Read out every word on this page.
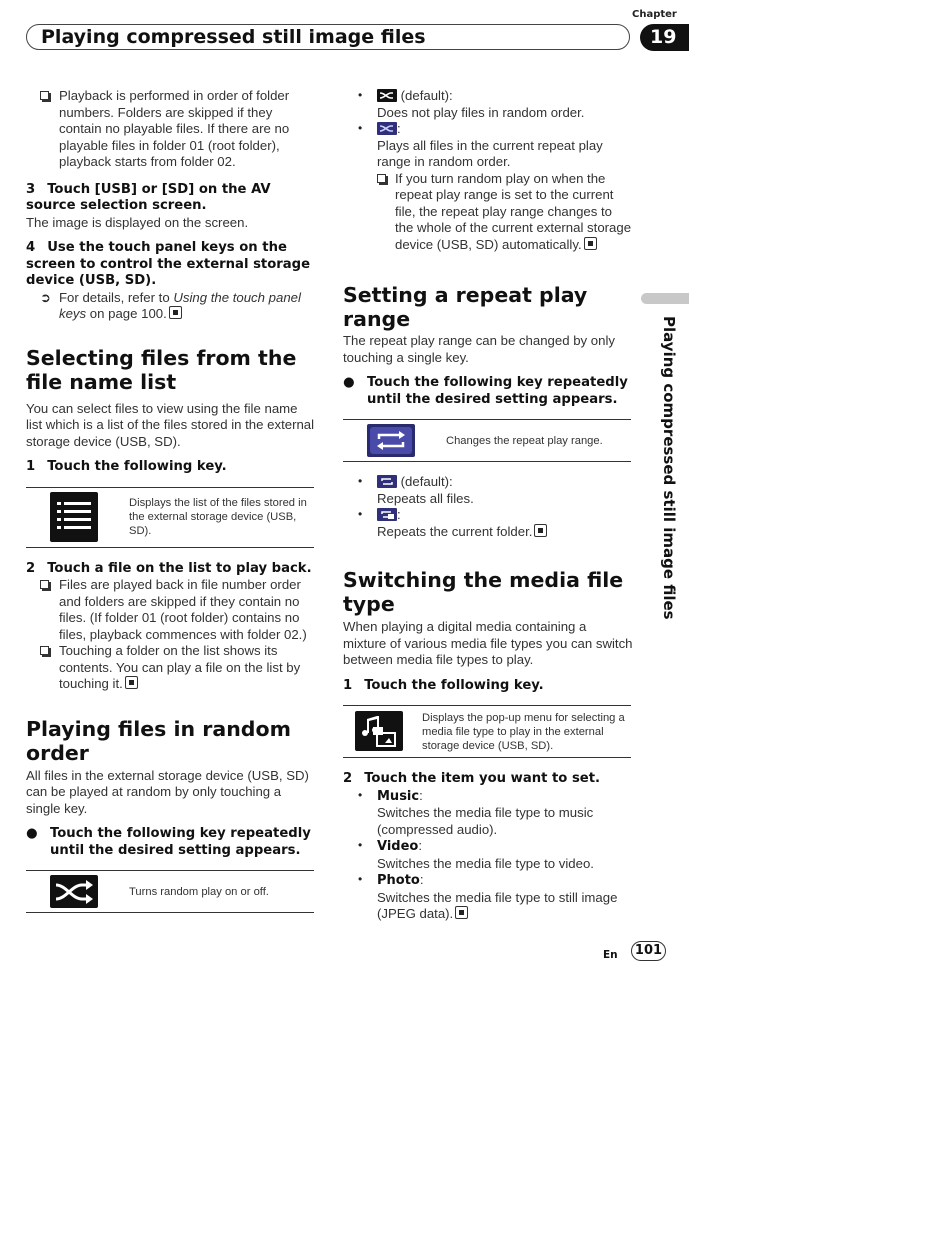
Playing compressed still image files
Chapter
19
Playing compressed still image files

Playback is performed in order of folder numbers. Folders are skipped if they contain no playable files. If there are no playable files in folder 01 (root folder), playback starts from folder 02.

3 Touch [USB] or [SD] on the AV source selection screen.

The image is displayed on the screen.

4 Use the touch panel keys on the screen to control the external storage device (USB, SD).

➲ For details, refer to Using the touch panel keys on page 100.

Selecting files from the file name list

You can select files to view using the file name list which is a list of the files stored in the external storage device (USB, SD).

1 Touch the following key.

Displays the list of the files stored in the external storage device (USB, SD).

2 Touch a file on the list to play back.

Files are played back in file number order and folders are skipped if they contain no files. (If folder 01 (root folder) contains no files, playback commences with folder 02.)

Touching a folder on the list shows its contents. You can play a file on the list by touching it.

Playing files in random order

All files in the external storage device (USB, SD) can be played at random by only touching a single key.

● Touch the following key repeatedly until the desired setting appears.

Turns random play on or off.
•	(default):

Does not play files in random order.

•	:

Plays all files in the current repeat play range in random order.

If you turn random play on when the repeat play range is set to the current file, the repeat play range changes to the whole of the current external storage device (USB, SD) automatically.

Setting a repeat play range

The repeat play range can be changed by only touching a single key.

● Touch the following key repeatedly until the desired setting appears.

Changes the repeat play range.
•	(default):

Repeats all files.

•	:

Repeats the current folder.

Switching the media file type

When playing a digital media containing a mixture of various media file types you can switch between media file types to play.

1 Touch the following key.

Displays the pop-up menu for selecting a media file type to play in the external storage device (USB, SD).

2 Touch the item you want to set.

• Music:

Switches the media file type to music (compressed audio).

• Video:

Switches the media file type to video.

• Photo:

Switches the media file type to still image (JPEG data).

En	101
